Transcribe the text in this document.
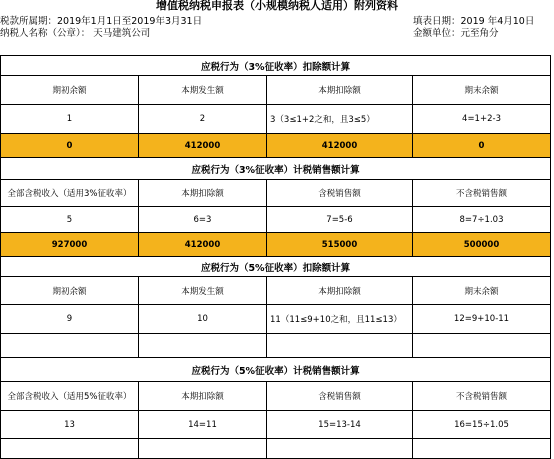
增值税纳税申报表（小规模纳税人适用）附列资料
税款所属期：2019年1月1日至2019年3月31日	填表日期：2019 年4月10日
纳税人名称（公章）： 天马建筑公司	金额单位：元至角分
应税行为（3%征收率）扣除额计算			
期初余额	本期发生额	本期扣除额	期末余额
1	2	3（3≤1+2之和，且3≤5）	4=1+2-3
0	412000	412000	0
应税行为（3%征收率）计税销售额计算			
全部含税收入（适用3%征收率）	本期扣除额	含税销售额	不含税销售额
5	6=3	7=5-6	8=7÷1.03
927000	412000	515000	500000
应税行为（5%征收率）扣除额计算			
期初余额	本期发生额	本期扣除额	期末余额
9	10	11（11≤9+10之和，且11≤13）	12=9+10-11

应税行为（5%征收率）计税销售额计算			
全部含税收入（适用5%征收率）	本期扣除额	含税销售额	不含税销售额
13	14=11	15=13-14	16=15÷1.05
